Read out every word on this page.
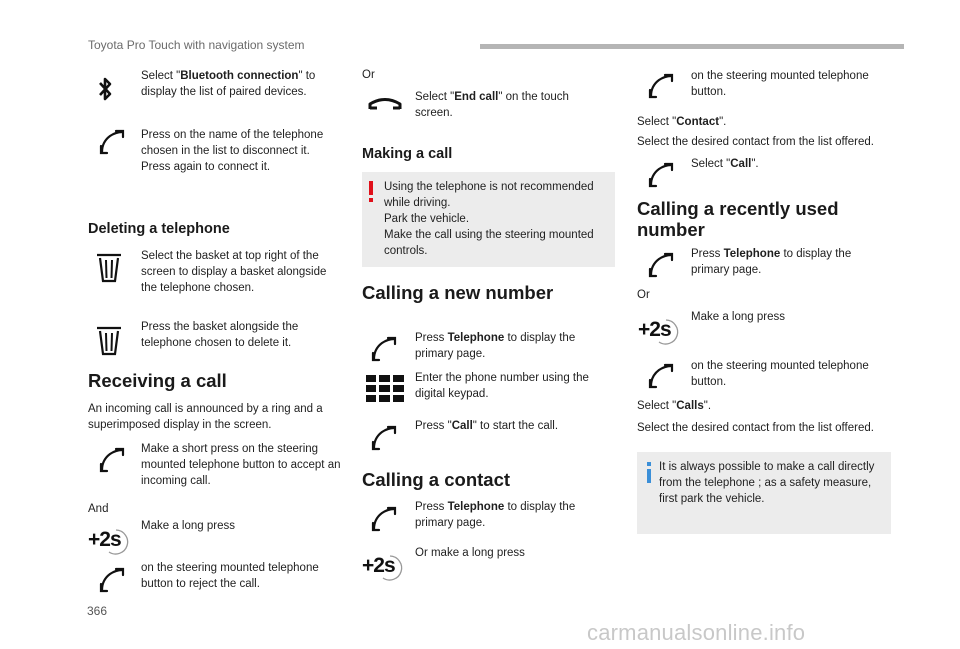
Toyota Pro Touch with navigation system
Select "Bluetooth connection" to display the list of paired devices.
Press on the name of the telephone chosen in the list to disconnect it. Press again to connect it.
Deleting a telephone
Select the basket at top right of the screen to display a basket alongside the telephone chosen.
Press the basket alongside the telephone chosen to delete it.
Receiving a call
An incoming call is announced by a ring and a superimposed display in the screen.
Make a short press on the steering mounted telephone button to accept an incoming call.
And
+2s
Make a long press
on the steering mounted telephone button to reject the call.
366
Or
Select "End call" on the touch screen.
Making a call
Using the telephone is not recommended while driving.
Park the vehicle.
Make the call using the steering mounted controls.
Calling a new number
Press Telephone to display the primary page.
Enter the phone number using the digital keypad.
Press "Call" to start the call.
Calling a contact
Press Telephone to display the primary page.
+2s
Or make a long press
on the steering mounted telephone button.
Select "Contact".
Select the desired contact from the list offered.
Select "Call".
Calling a recently used number
Press Telephone to display the primary page.
Or
+2s
Make a long press
on the steering mounted telephone button.
Select "Calls".
Select the desired contact from the list offered.
It is always possible to make a call directly from the telephone ; as a safety measure, first park the vehicle.
carmanualsonline.info
